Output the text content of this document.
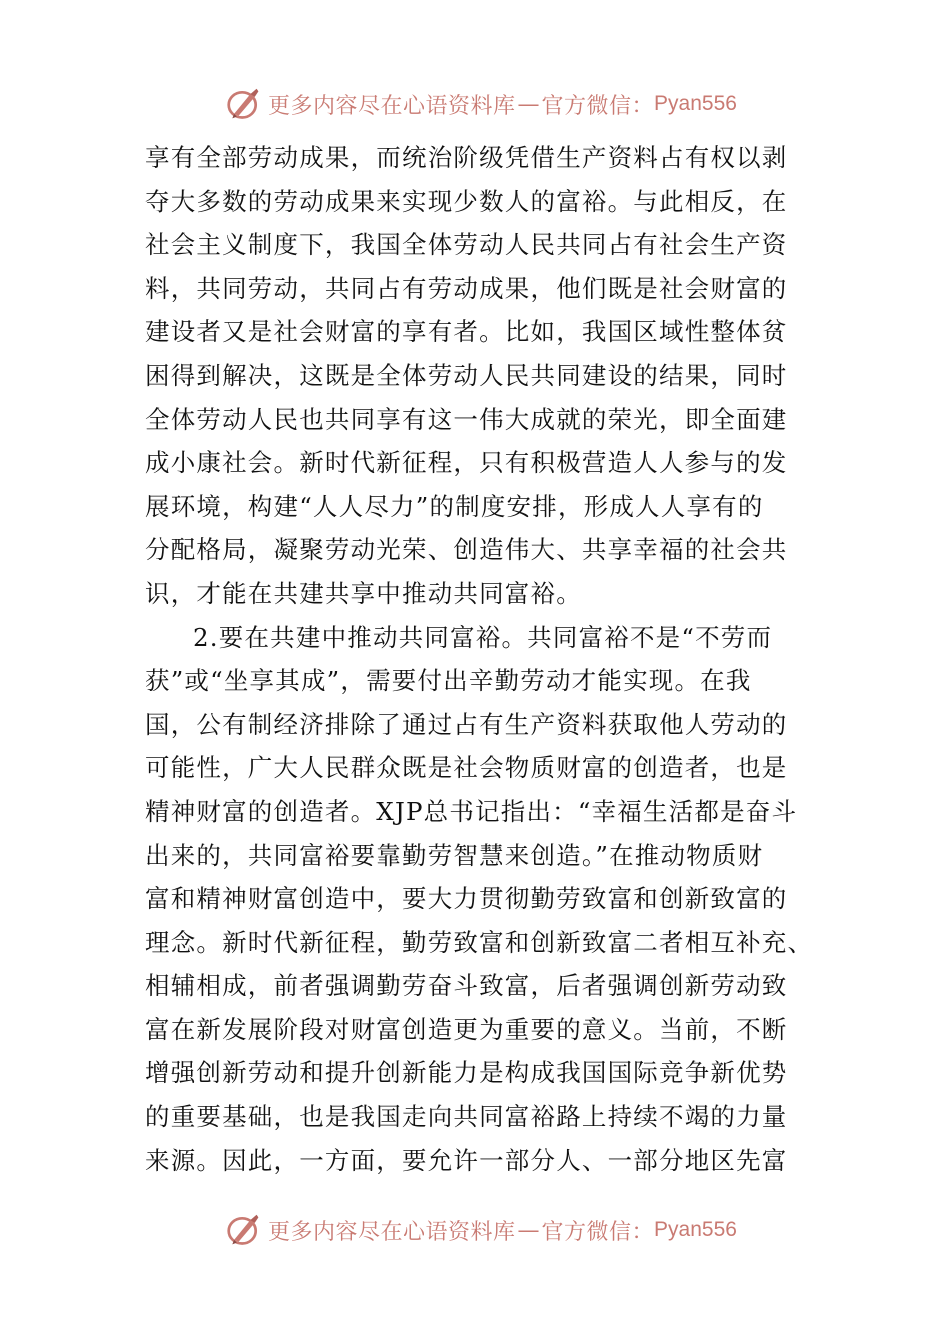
更多内容尽在心语资料库 — 官方微信： Pyan556
享有全部劳动成果，而统治阶级凭借生产资料占有权以剥
夺大多数的劳动成果来实现少数人的富裕。与此相反，在
社会主义制度下，我国全体劳动人民共同占有社会生产资
料，共同劳动，共同占有劳动成果，他们既是社会财富的
建设者又是社会财富的享有者。比如，我国区域性整体贫
困得到解决，这既是全体劳动人民共同建设的结果，同时
全体劳动人民也共同享有这一伟大成就的荣光，即全面建
成小康社会。新时代新征程，只有积极营造人人参与的发
展环境，构建“人人尽力”的制度安排，形成人人享有的
分配格局，凝聚劳动光荣、创造伟大、共享幸福的社会共
识，才能在共建共享中推动共同富裕。
2.要在共建中推动共同富裕。共同富裕不是“不劳而
获”或“坐享其成”，需要付出辛勤劳动才能实现。在我
国，公有制经济排除了通过占有生产资料获取他人劳动的
可能性，广大人民群众既是社会物质财富的创造者，也是
精神财富的创造者。XJP总书记指出：“幸福生活都是奋斗
出来的，共同富裕要靠勤劳智慧来创造。”在推动物质财
富和精神财富创造中，要大力贯彻勤劳致富和创新致富的
理念。新时代新征程，勤劳致富和创新致富二者相互补充、
相辅相成，前者强调勤劳奋斗致富，后者强调创新劳动致
富在新发展阶段对财富创造更为重要的意义。当前，不断
增强创新劳动和提升创新能力是构成我国国际竞争新优势
的重要基础，也是我国走向共同富裕路上持续不竭的力量
来源。因此，一方面，要允许一部分人、一部分地区先富
更多内容尽在心语资料库 — 官方微信： Pyan556
